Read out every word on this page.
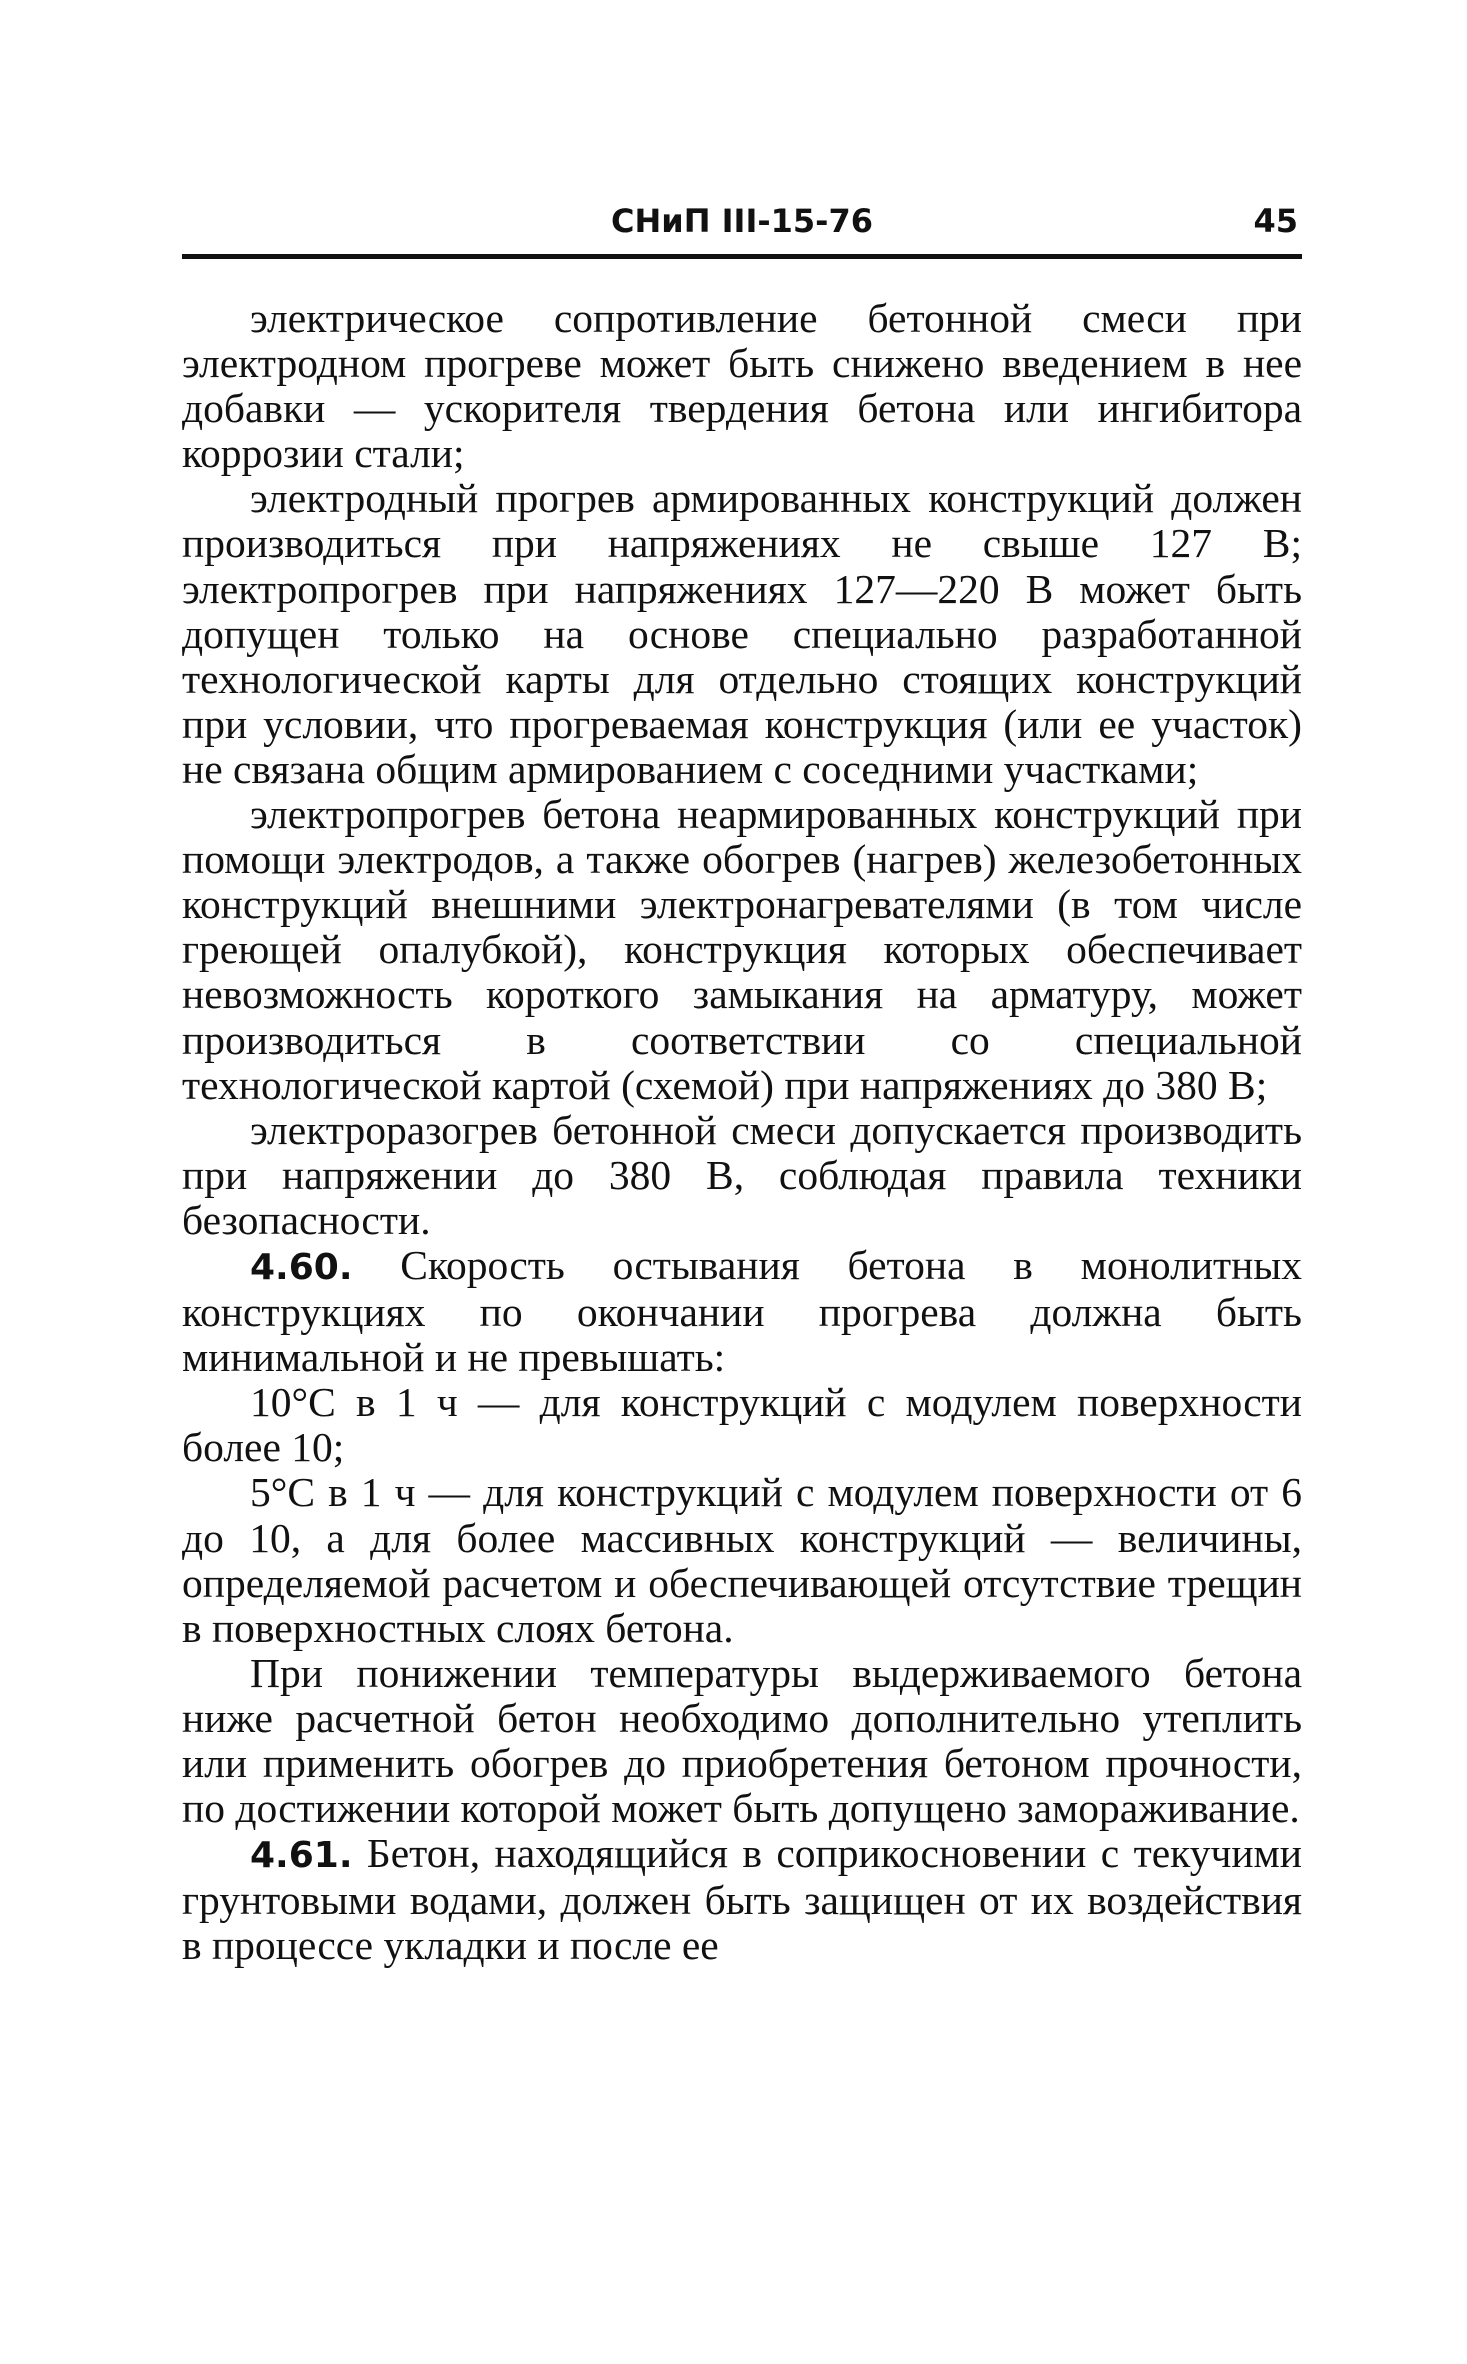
СНиП III-15-76	45

электрическое сопротивление бетонной смеси при электродном прогреве может быть снижено введением в нее добавки — ускорителя твердения бетона или ингибитора коррозии стали;

электродный прогрев армированных конструкций должен производиться при напряжениях не свыше 127 В; электропрогрев при напряжениях 127—220 В может быть допущен только на основе специально разработанной технологической карты для отдельно стоящих конструкций при условии, что прогреваемая конструкция (или ее участок) не связана общим армированием с соседними участками;

электропрогрев бетона неармированных конструкций при помощи электродов, а также обогрев (нагрев) железобетонных конструкций внешними электронагревателями (в том числе греющей опалубкой), конструкция которых обеспечивает невозможность короткого замыкания на арматуру, может производиться в соответствии со специальной технологической картой (схемой) при напряжениях до 380 В;

электроразогрев бетонной смеси допускается производить при напряжении до 380 В, соблюдая правила техники безопасности.

4.60. Скорость остывания бетона в монолитных конструкциях по окончании прогрева должна быть минимальной и не превышать:

10°С в 1 ч — для конструкций с модулем поверхности более 10;

5°С в 1 ч — для конструкций с модулем поверхности от 6 до 10, а для более массивных конструкций — величины, определяемой расчетом и обеспечивающей отсутствие трещин в поверхностных слоях бетона.

При понижении температуры выдерживаемого бетона ниже расчетной бетон необходимо дополнительно утеплить или применить обогрев до приобретения бетоном прочности, по достижении которой может быть допущено замораживание.

4.61. Бетон, находящийся в соприкосновении с текучими грунтовыми водами, должен быть защищен от их воздействия в процессе укладки и после ее
